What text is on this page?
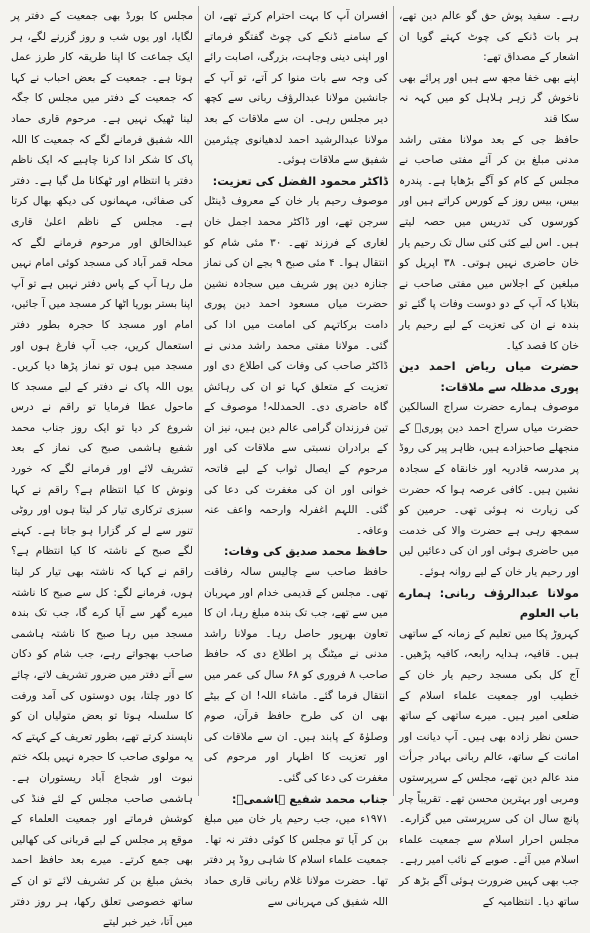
رہے۔ سفید پوش حق گو عالم دین تھے، ہر بات ڈنکے کی چوٹ کہتے گویا ان اشعار کے مصداق تھے:

اپنے بھی خفا مجھ سے ہیں اور پرائے بھی ناخوش گر زہر ہلاہل کو میں کہہ نہ سکا قند

حافظ جی کے بعد مولانا مفتی راشد مدنی مبلغ بن کر آئے مفتی صاحب نے مجلس کے کام کو آگے بڑھایا ہے۔ پندرہ بیس، بیس روز کے کورس کراتے ہیں اور کورسوں کی تدریس میں حصہ لیتے ہیں۔ اس لیے کئی کئی سال تک رحیم یار خان حاضری نہیں ہوتی۔ ۳۸ اپریل کو مبلغین کے اجلاس میں مفتی صاحب نے بتلایا کہ آپ کے دو دوست وفات پا گئے تو بندہ نے ان کی تعزیت کے لیے رحیم یار خان کا قصد کیا۔

حضرت میاں ریاض احمد دین پوری مدظلہ سے ملاقات:

موصوف ہمارے حضرت سراج السالکین حضرت میاں سراج احمد دین پوریؒ کے منجھلے صاحبزادے ہیں، ظاہر پیر کی روڈ پر مدرسہ قادریہ اور خانقاہ کے سجادہ نشین ہیں۔ کافی عرصہ ہوا کہ حضرت کی زیارت نہ ہوئی تھی۔ حرمین کو سمجھ رہی ہے حضرت والا کی خدمت میں حاضری ہوئی اور ان کی دعائیں لیں اور رحیم یار خان کے لیے روانہ ہوئے۔

مولانا عبدالرؤف ربانی: ہمارے باب العلوم

کہروڑ پکا میں تعلیم کے زمانہ کے ساتھی ہیں۔ قافیہ، ہدایہ رابعہ، کافیہ پڑھیں۔ آج کل بکی مسجد رحیم یار خان کے خطیب اور جمعیت علماء اسلام کے ضلعی امیر ہیں۔ میرے ساتھی کے ساتھ حسن نظر زادہ بھی ہیں۔ آپ دیانت اور امانت کے ساتھ، عالم ربانی بہادر جرأت مند عالم دین تھے، مجلس کے سرپرستوں ومربی اور بہترین محسن تھے۔ تقریباً چار پانچ سال ان کی سرپرستی میں گزارے۔ مجلس احرار اسلام سے جمعیت علماء اسلام میں آئے۔ صوبے کے نائب امیر رہے۔ جب بھی کہیں ضرورت ہوئی آگے بڑھ کر ساتھ دیا۔ انتظامیہ کے

افسران آپ کا بہت احترام کرتے تھے، ان کے سامنے ڈنکے کی چوٹ گفتگو فرماتے اور اپنی دینی وجاہت، بزرگی، اصابت رائے کی وجہ سے بات منوا کر آتے، تو آپ کے جانشین مولانا عبدالرؤف ربانی سے کچھ دیر مجلس رہی۔ ان سے ملاقات کے بعد مولانا عبدالرشید احمد لدھیانوی چیئرمین شفیق سے ملاقات ہوئی۔

ڈاکٹر محمود الفضل کی تعزیت:

موصوف رحیم یار خان کے معروف ڈینٹل سرجن تھے، اور ڈاکٹر محمد اجمل خان لغاری کے فرزند تھے۔ ۳۰ مئی شام کو انتقال ہوا۔ ۴ مئی صبح ۹ بجے ان کی نماز جنازہ دین پور شریف میں سجادہ نشین حضرت میاں مسعود احمد دین پوری دامت برکاتہم کی امامت میں ادا کی گئی۔ مولانا مفتی محمد راشد مدنی نے ڈاکٹر صاحب کی وفات کی اطلاع دی اور تعزیت کے متعلق کہا تو ان کی رہائش گاہ حاضری دی۔ الحمدللہ! موصوف کے تین فرزندان گرامی عالم دین ہیں، نیز ان کے برادران نسبتی سے ملاقات کی اور مرحوم کے ایصال ثواب کے لیے فاتحہ خوانی اور ان کی مغفرت کی دعا کی گئی۔ اللہم اغفرلہ وارحمہ واعف عنہ وعافہ۔

حافظ محمد صدیق کی وفات:

حافظ صاحب سے چالیس سالہ رفاقت تھی۔ مجلس کے قدیمی خدام اور مہربان میں سے تھے، جب تک بندہ مبلغ رہا، ان کا تعاون بھرپور حاصل رہا۔ مولانا راشد مدنی نے میٹنگ پر اطلاع دی کہ حافظ صاحب ۸ فروری کو ۶۸ سال کی عمر میں انتقال فرما گئے۔ ماشاء اللہ! ان کے بیٹے بھی ان کی طرح حافظ قرآن، صوم وصلوٰۃ کے پابند ہیں۔ ان سے ملاقات کی اور تعزیت کا اظہار اور مرحوم کی مغفرت کی دعا کی گئی۔

جناب محمد شفیع ہاشمیؒ:

۱۹۷۱ء میں، جب رحیم یار خان میں مبلغ بن کر آیا تو مجلس کا کوئی دفتر نہ تھا۔ جمعیت علماء اسلام کا شاہی روڈ پر دفتر تھا۔ حضرت مولانا غلام ربانی قاری حماد اللہ شفیق کی مہربانی سے

مجلس کا بورڈ بھی جمعیت کے دفتر پر لگایا، اور یوں شب و روز گزرنے لگے، ہر ایک جماعت کا اپنا طریقہ کار طرز عمل ہوتا ہے۔ جمعیت کے بعض احباب نے کہا کہ جمعیت کے دفتر میں مجلس کا جگہ لینا ٹھیک نہیں ہے۔ مرحوم قاری حماد اللہ شفیق فرمانے لگے کہ جمعیت کا اللہ پاک کا شکر ادا کرنا چاہیے کہ ایک ناظم دفتر یا انتظام اور ٹھکانا مل گیا ہے۔ دفتر کی صفائی، مہمانوں کی دیکھ بھال کرتا ہے۔ مجلس کے ناظم اعلیٰ قاری عبدالخالق اور مرحوم فرمانے لگے کہ محلہ قمر آباد کی مسجد کوئی امام نہیں مل رہا آپ کے پاس دفتر نہیں ہے تو آپ اپنا بستر بوریا اٹھا کر مسجد میں آ جائیں، امام اور مسجد کا حجرہ بطور دفتر استعمال کریں، جب آپ فارغ ہوں اور مسجد میں ہوں تو نماز پڑھا دیا کریں۔ یوں اللہ پاک نے دفتر کے لیے مسجد کا ماحول عطا فرمایا تو راقم نے درس شروع کر دیا تو ایک روز جناب محمد شفیع ہاشمی صبح کی نماز کے بعد تشریف لائے اور فرمانے لگے کہ خورد ونوش کا کیا انتظام ہے؟ راقم نے کہا سبزی ترکاری تیار کر لیتا ہوں اور روٹی تنور سے لے کر گزارا ہو جاتا ہے۔ کہنے لگے صبح کے ناشتہ کا کیا انتظام ہے؟ راقم نے کہا کہ ناشتہ بھی تیار کر لیتا ہوں، فرمانے لگے: کل سے صبح کا ناشتہ میرے گھر سے آیا کرے گا، جب تک بندہ مسجد میں رہا صبح کا ناشتہ ہاشمی صاحب بھجواتے رہے، جب شام کو دکان سے آتے دفتر میں ضرور تشریف لاتے، چائے کا دور چلتا، یوں دوستوں کی آمد ورفت کا سلسلہ ہوتا تو بعض متولیاں ان کو ناپسند کرتے تھے، بطور تعریف کے کہتے کہ یہ مولوی صاحب کا حجرہ نہیں بلکہ ختم نبوت اور شجاع آباد ریستوران ہے۔ ہاشمی صاحب مجلس کے لئے فنڈ کی کوشش فرماتے اور جمعیت العلماء کے موقع پر مجلس کے لیے قربانی کی کھالیں بھی جمع کرتے۔ میرے بعد حافظ احمد بخش مبلغ بن کر تشریف لائے تو ان کے ساتھ خصوصی تعلق رکھا، ہر روز دفتر میں آتا، خیر خبر لیتے
